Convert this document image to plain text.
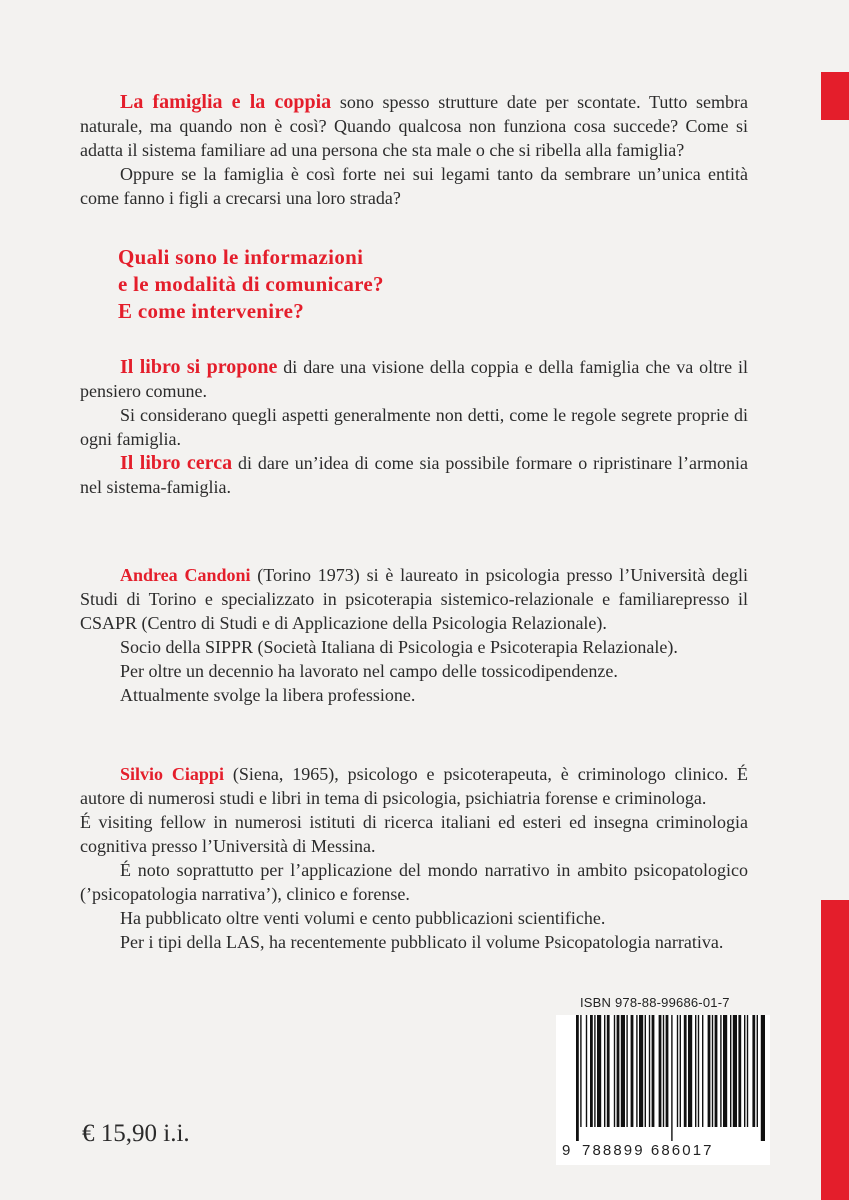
La famiglia e la coppia sono spesso strutture date per scontate. Tutto sembra naturale, ma quando non è così? Quando qualcosa non funziona cosa succede? Come si adatta il sistema familiare ad una persona che sta male o che si ribella alla famiglia?

Oppure se la famiglia è così forte nei sui legami tanto da sembrare un’unica entità come fanno i figli a crecarsi una loro strada?

Quali sono le informazioni
e le modalità di comunicare?
E come intervenire?

Il libro si propone di dare una visione della coppia e della famiglia che va oltre il pensiero comune.

Si considerano quegli aspetti generalmente non detti, come le regole segrete proprie di ogni famiglia.

Il libro cerca di dare un’idea di come sia possibile formare o ripristinare l’armonia nel sistema-famiglia.

Andrea Candoni (Torino 1973) si è laureato in psicologia presso l’Università degli Studi di Torino e specializzato in psicoterapia sistemico-relazionale e familiarepresso il CSAPR (Centro di Studi e di Applicazione della Psicologia Relazionale).

Socio della SIPPR (Società Italiana di Psicologia e Psicoterapia Relazionale).

Per oltre un decennio ha lavorato nel campo delle tossicodipendenze.

Attualmente svolge la libera professione.

Silvio Ciappi (Siena, 1965), psicologo e psicoterapeuta, è criminologo clinico. É autore di numerosi studi e libri in tema di psicologia, psichiatria forense e criminologa.

É visiting fellow in numerosi istituti di ricerca italiani ed esteri ed insegna criminologia cognitiva presso l’Università di Messina.

É noto soprattutto per l’applicazione del mondo narrativo in ambito psicopatologico (’psicopatologia narrativa’), clinico e forense.

Ha pubblicato oltre venti volumi e cento pubblicazioni scientifiche.

Per i tipi della LAS, ha recentemente pubblicato il volume Psicopatologia narrativa.

ISBN 978-88-99686-01-7
9 788899 686017
€ 15,90 i.i.
